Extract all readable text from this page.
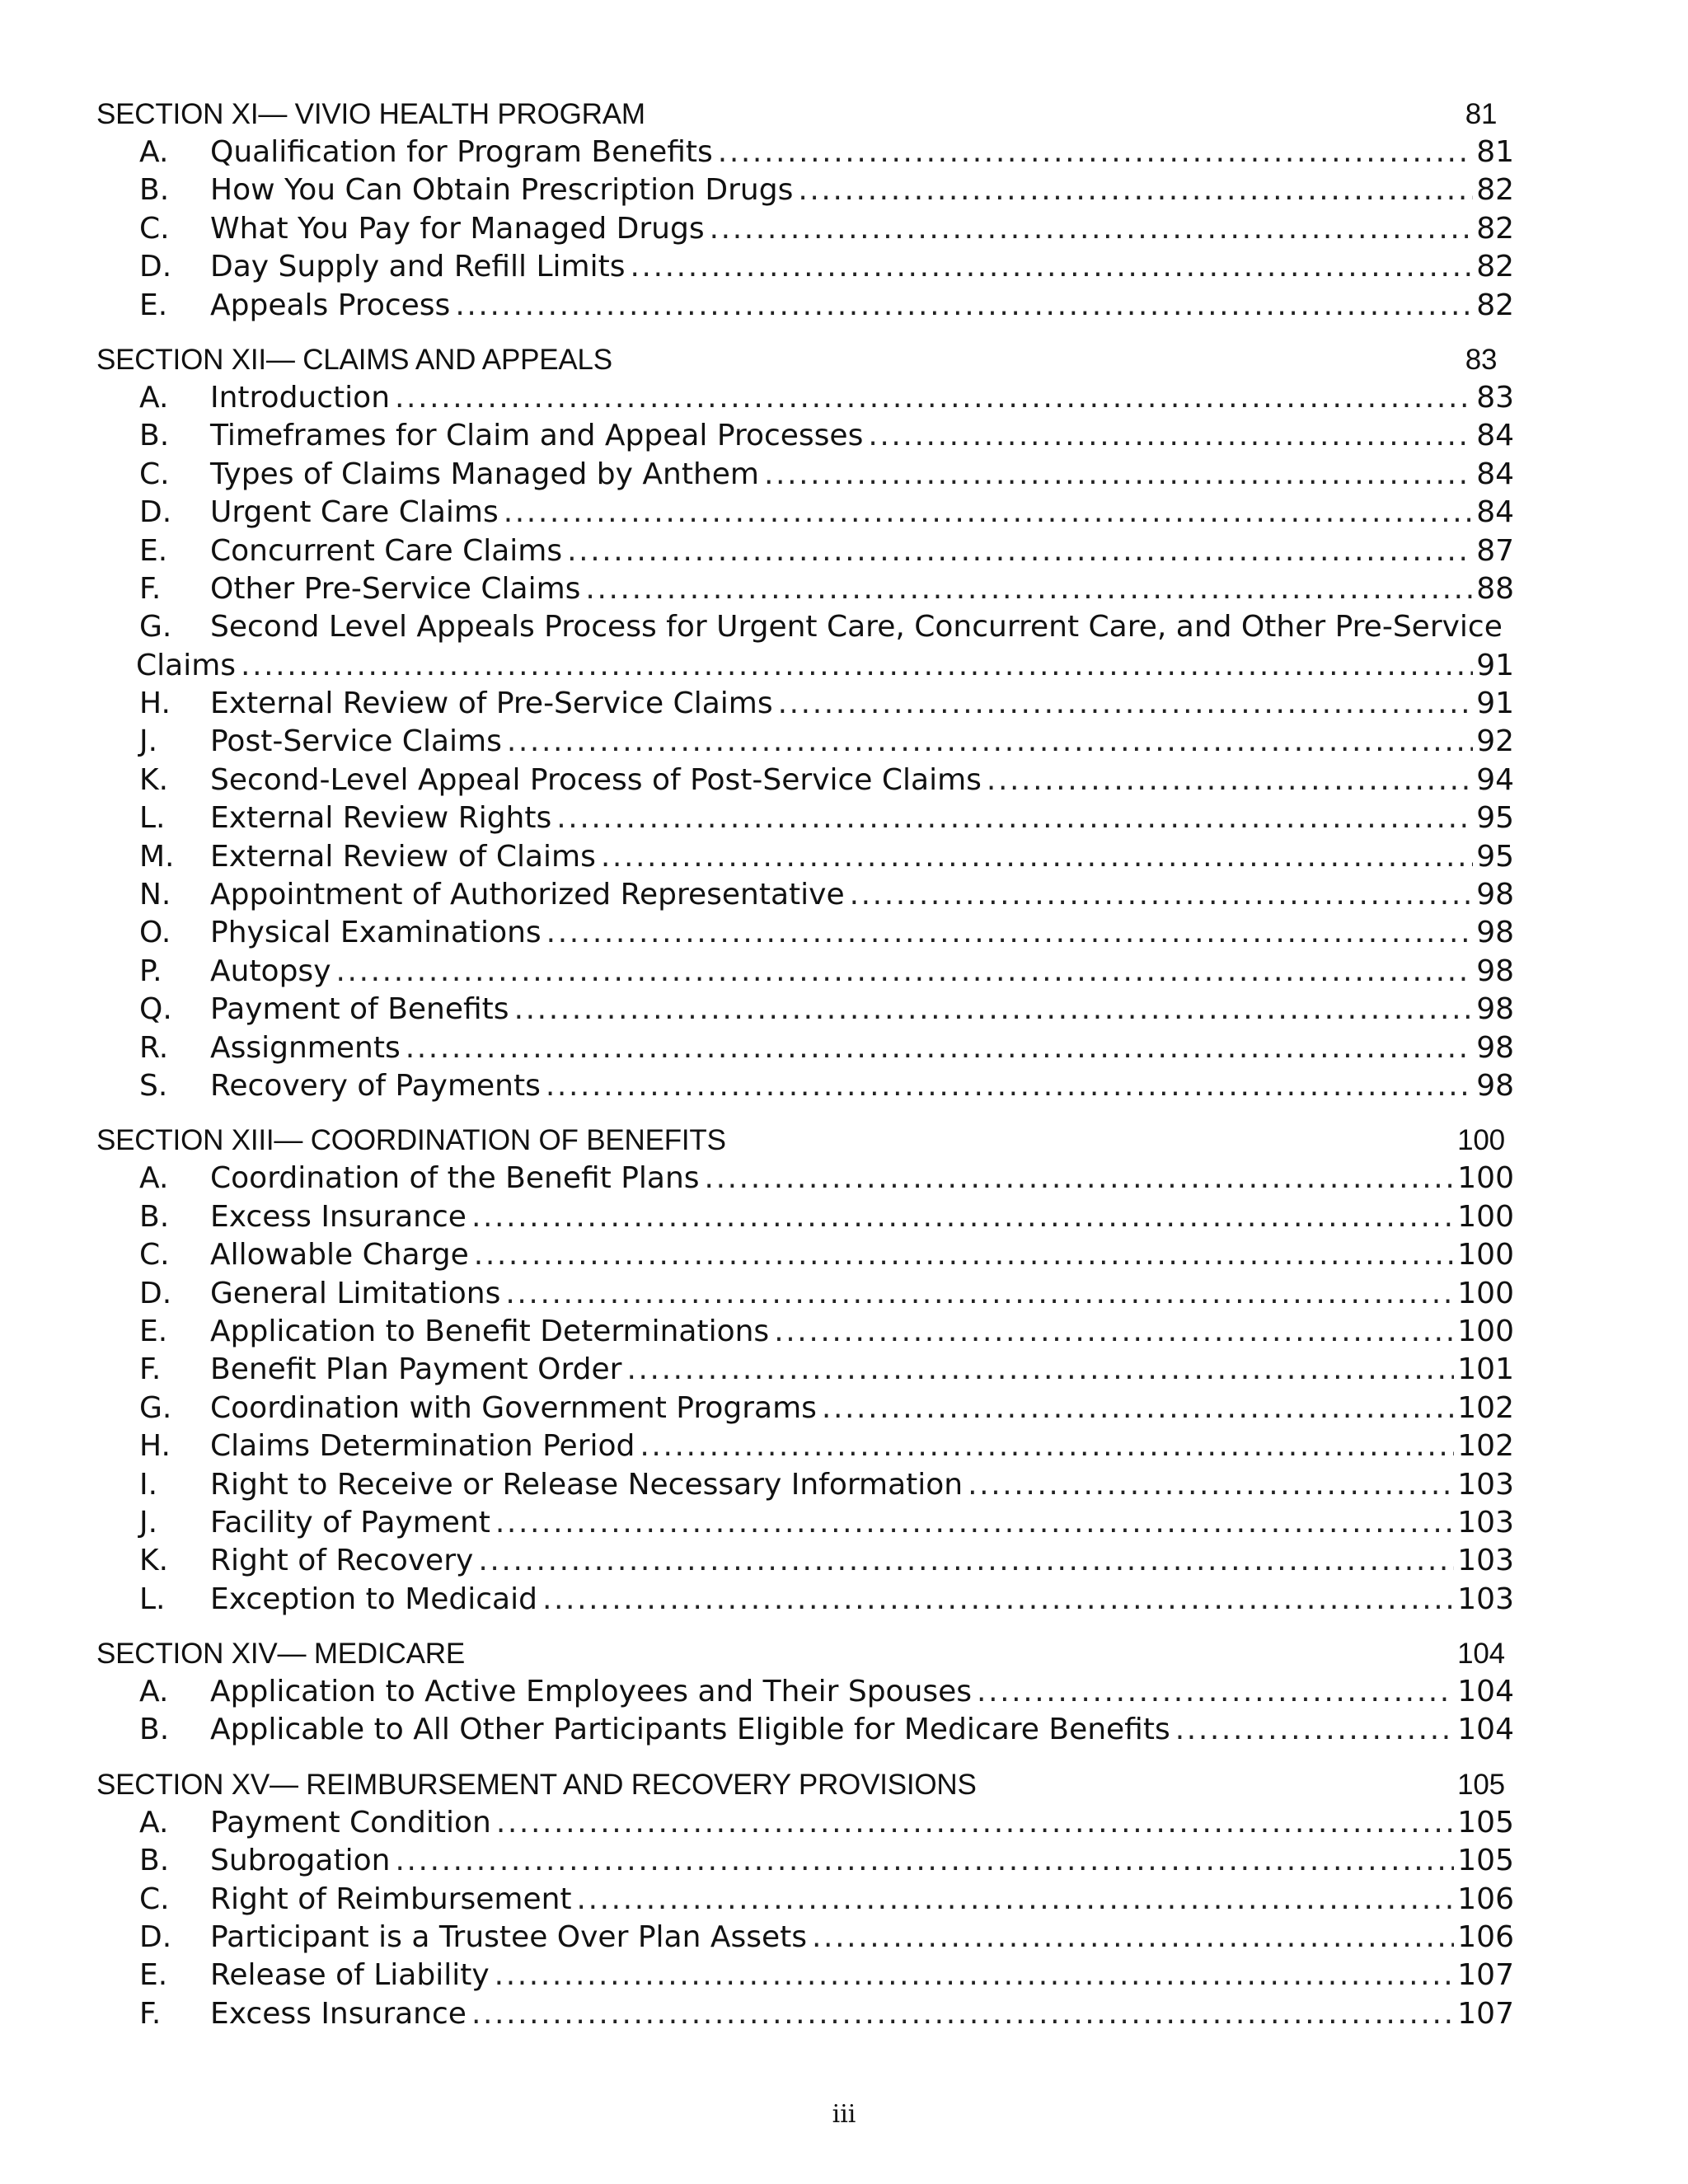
SECTION XI— VIVIO HEALTH PROGRAM	81
A.	Qualification for Program Benefits .....	81
B.	How You Can Obtain Prescription Drugs .....	82
C.	What You Pay for Managed Drugs .....	82
D.	Day Supply and Refill Limits .....	82
E.	Appeals Process .....	82
SECTION XII— CLAIMS AND APPEALS	83
A.	Introduction .....	83
B.	Timeframes for Claim and Appeal Processes .....	84
C.	Types of Claims Managed by Anthem .....	84
D.	Urgent Care Claims .....	84
E.	Concurrent Care Claims .....	87
F.	Other Pre-Service Claims .....	88
G.	Second Level Appeals Process for Urgent Care, Concurrent Care, and Other Pre-Service
Claims .....	91
H.	External Review of Pre-Service Claims .....	91
J.	Post-Service Claims .....	92
K.	Second-Level Appeal Process of Post-Service Claims .....	94
L.	External Review Rights .....	95
M.	External Review of Claims .....	95
N.	Appointment of Authorized Representative .....	98
O.	Physical Examinations .....	98
P.	Autopsy .....	98
Q.	Payment of Benefits .....	98
R.	Assignments .....	98
S.	Recovery of Payments .....	98
SECTION XIII— COORDINATION OF BENEFITS	100
A.	Coordination of the Benefit Plans .....	100
B.	Excess Insurance .....	100
C.	Allowable Charge .....	100
D.	General Limitations .....	100
E.	Application to Benefit Determinations .....	100
F.	Benefit Plan Payment Order .....	101
G.	Coordination with Government Programs .....	102
H.	Claims Determination Period .....	102
I.	Right to Receive or Release Necessary Information .....	103
J.	Facility of Payment .....	103
K.	Right of Recovery .....	103
L.	Exception to Medicaid .....	103
SECTION XIV— MEDICARE	104
A.	Application to Active Employees and Their Spouses .....	104
B.	Applicable to All Other Participants Eligible for Medicare Benefits .....	104
SECTION XV— REIMBURSEMENT AND RECOVERY PROVISIONS	105
A.	Payment Condition .....	105
B.	Subrogation .....	105
C.	Right of Reimbursement .....	106
D.	Participant is a Trustee Over Plan Assets .....	106
E.	Release of Liability .....	107
F.	Excess Insurance .....	107
iii
